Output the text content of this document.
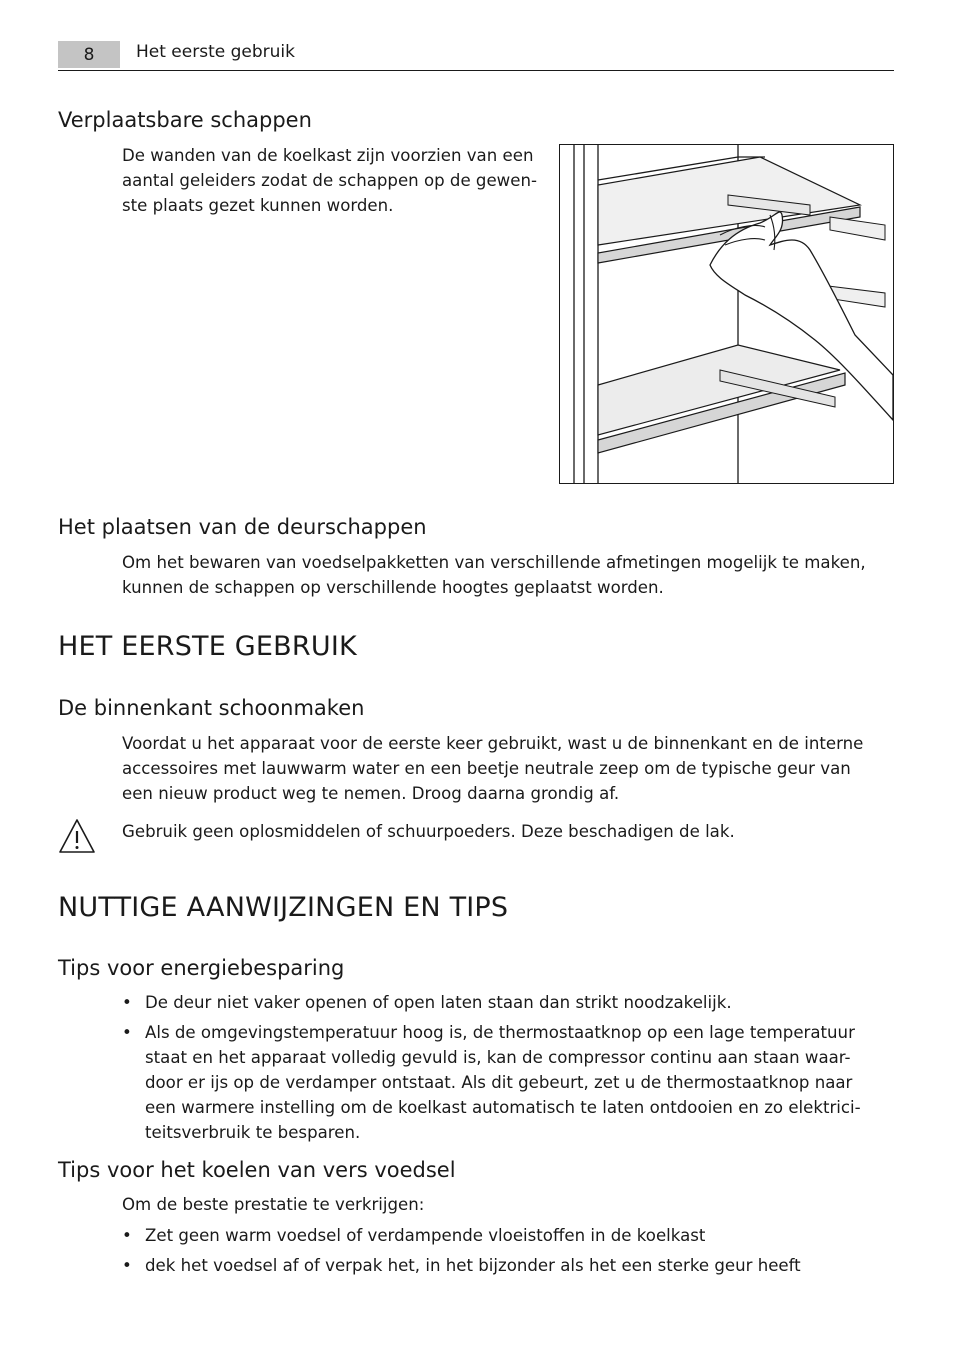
8	Het eerste gebruik
Verplaatsbare schappen
De wanden van de koelkast zijn voorzien van een
aantal geleiders zodat de schappen op de gewen-
ste plaats gezet kunnen worden.
Het plaatsen van de deurschappen
Om het bewaren van voedselpakketten van verschillende afmetingen mogelijk te maken,
kunnen de schappen op verschillende hoogtes geplaatst worden.
HET EERSTE GEBRUIK
De binnenkant schoonmaken
Voordat u het apparaat voor de eerste keer gebruikt, wast u de binnenkant en de interne
accessoires met lauwwarm water en een beetje neutrale zeep om de typische geur van
een nieuw product weg te nemen. Droog daarna grondig af.
Gebruik geen oplosmiddelen of schuurpoeders. Deze beschadigen de lak.
NUTTIGE AANWIJZINGEN EN TIPS
Tips voor energiebesparing
• De deur niet vaker openen of open laten staan dan strikt noodzakelijk.
• Als de omgevingstemperatuur hoog is, de thermostaatknop op een lage temperatuur
staat en het apparaat volledig gevuld is, kan de compressor continu aan staan waar-
door er ijs op de verdamper ontstaat. Als dit gebeurt, zet u de thermostaatknop naar
een warmere instelling om de koelkast automatisch te laten ontdooien en zo elektrici-
teitsverbruik te besparen.
Tips voor het koelen van vers voedsel
Om de beste prestatie te verkrijgen:
• Zet geen warm voedsel of verdampende vloeistoffen in de koelkast
• dek het voedsel af of verpak het, in het bijzonder als het een sterke geur heeft
